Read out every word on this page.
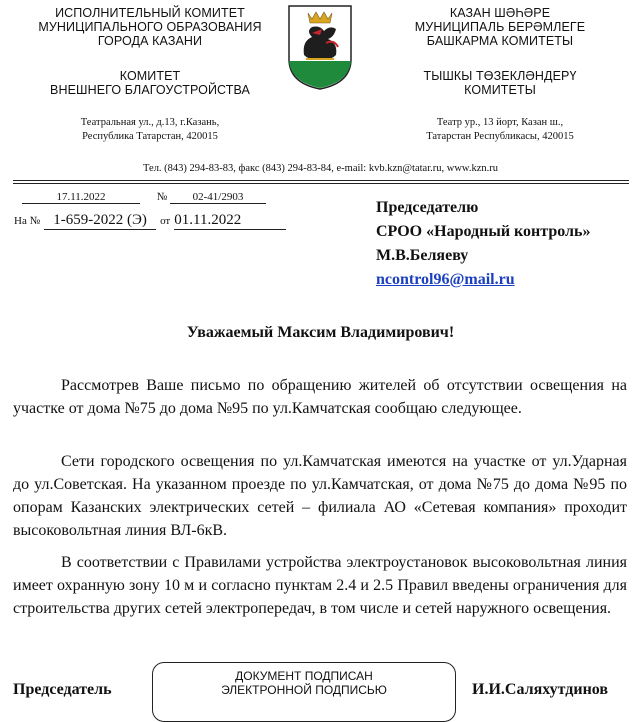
ИСПОЛНИТЕЛЬНЫЙ КОМИТЕТ
МУНИЦИПАЛЬНОГО ОБРАЗОВАНИЯ
ГОРОДА КАЗАНИ
КОМИТЕТ
ВНЕШНЕГО БЛАГОУСТРОЙСТВА
Театральная ул., д.13, г.Казань,
Республика Татарстан, 420015
КАЗАН ШӘҺӘРЕ
МУНИЦИПАЛЬ БЕРӘМЛЕГЕ
БАШКАРМА КОМИТЕТЫ
ТЫШКЫ ТӨЗЕКЛӘНДЕРҮ
КОМИТЕТЫ
Театр ур., 13 йорт, Казан ш.,
Татарстан Республикасы, 420015
Тел. (843) 294-83-83, факс (843) 294-83-84, e-mail: kvb.kzn@tatar.ru, www.kzn.ru
17.11.2022	№ 02-41/2903
На № 1-659-2022 (Э) от 01.11.2022
Председателю
СРОО «Народный контроль»
М.В.Беляеву
ncontrol96@mail.ru
Уважаемый Максим Владимирович!
Рассмотрев Ваше письмо по обращению жителей об отсутствии освещения на участке от дома №75 до дома №95 по ул.Камчатская сообщаю следующее.
Сети городского освещения по ул.Камчатская имеются на участке от ул.Ударная до ул.Советская. На указанном проезде по ул.Камчатская, от дома №75 до дома №95 по опорам Казанских электрических сетей – филиала АО «Сетевая компания» проходит высоковольтная линия ВЛ-6кВ.
В соответствии с Правилами устройства электроустановок высоковольтная линия имеет охранную зону 10 м и согласно пунктам 2.4 и 2.5 Правил введены ограничения для строительства других сетей электропередач, в том числе и сетей наружного освещения.
Председатель
ДОКУМЕНТ ПОДПИСАН
ЭЛЕКТРОННОЙ ПОДПИСЬЮ	И.И.Саляхутдинов
